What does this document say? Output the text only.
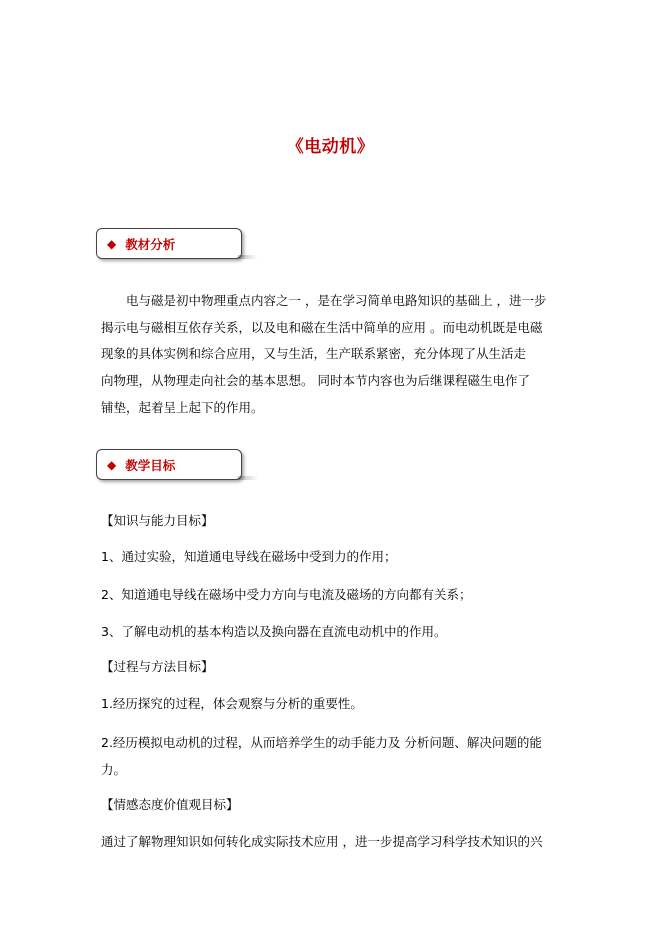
《电动机》
◆ 教材分析
电与磁是初中物理重点内容之一 ，是在学习简单电路知识的基础上 ，进一步
揭示电与磁相互依存关系，以及电和磁在生活中简单的应用 。而电动机既是电磁
现象的具体实例和综合应用，又与生活，生产联系紧密，充分体现了从生活走
向物理，从物理走向社会的基本思想。 同时本节内容也为后继课程磁生电作了
铺垫，起着呈上起下的作用。
◆ 教学目标
【知识与能力目标】
1、通过实验，知道通电导线在磁场中受到力的作用；
2、知道通电导线在磁场中受力方向与电流及磁场的方向都有关系；
3、了解电动机的基本构造以及换向器在直流电动机中的作用。
【过程与方法目标】
1.经历探究的过程，体会观察与分析的重要性。
2.经历模拟电动机的过程，从而培养学生的动手能力及 分析问题、解决问题的能
力。
【情感态度价值观目标】
通过了解物理知识如何转化成实际技术应用 ，进一步提高学习科学技术知识的兴
